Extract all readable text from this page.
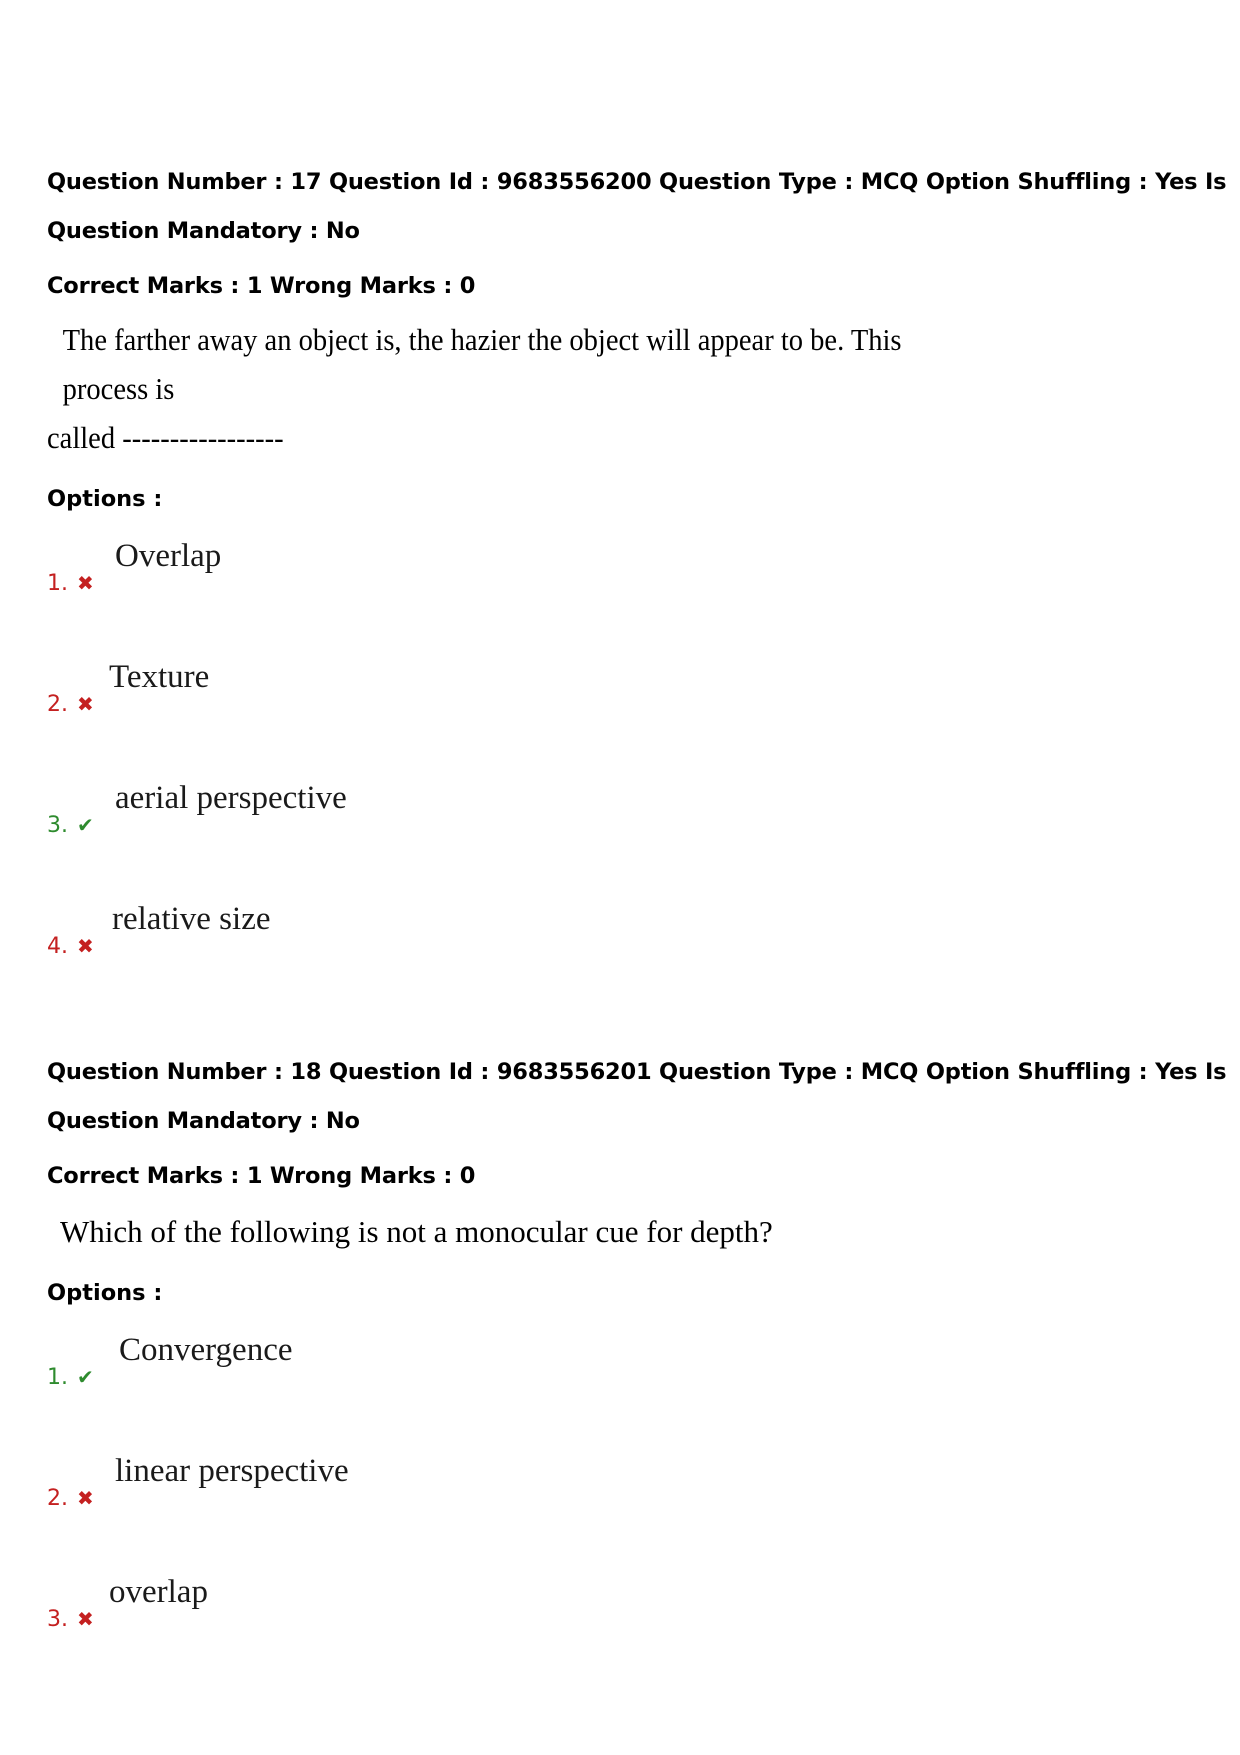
Question Number : 17 Question Id : 9683556200 Question Type : MCQ Option Shuffling : Yes Is
Question Mandatory : No
Correct Marks : 1 Wrong Marks : 0
The farther away an object is, the hazier the object will appear to be. This process is
called -----------------
Options :
1. ✖
Overlap
2. ✖
Texture
3. ✔
aerial perspective
4. ✖
relative size
Question Number : 18 Question Id : 9683556201 Question Type : MCQ Option Shuffling : Yes Is
Question Mandatory : No
Correct Marks : 1 Wrong Marks : 0
Which of the following is not a monocular cue for depth?
Options :
1. ✔
Convergence
2. ✖
linear perspective
3. ✖
overlap
